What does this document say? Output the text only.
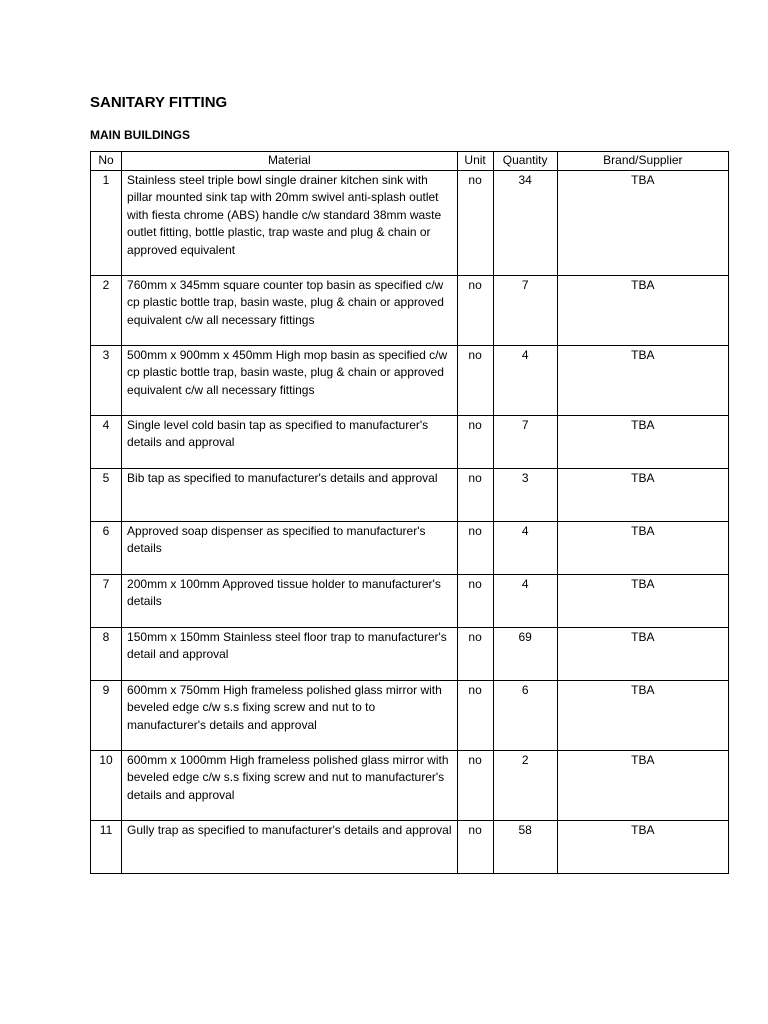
SANITARY FITTING
MAIN BUILDINGS
No	Material	Unit	Quantity	Brand/Supplier
1	Stainless steel triple bowl single drainer kitchen sink with pillar mounted sink tap with 20mm swivel anti-splash outlet with fiesta chrome (ABS) handle c/w standard 38mm waste outlet fitting, bottle plastic, trap waste and plug & chain or approved equivalent	no	34	TBA
2	760mm x 345mm square counter top basin as specified c/w cp plastic bottle trap, basin waste, plug & chain or approved equivalent c/w all necessary fittings	no	7	TBA
3	500mm x 900mm x 450mm High mop basin as specified c/w cp plastic bottle trap, basin waste, plug & chain or approved equivalent c/w all necessary fittings	no	4	TBA
4	Single level cold basin tap as specified to manufacturer's details and approval	no	7	TBA
5	Bib tap as specified to manufacturer's details and approval	no	3	TBA
6	Approved soap dispenser as specified to manufacturer's details	no	4	TBA
7	200mm x 100mm Approved tissue holder to manufacturer's details	no	4	TBA
8	150mm x 150mm Stainless steel floor trap to manufacturer's detail and approval	no	69	TBA
9	600mm x 750mm High frameless polished glass mirror with beveled edge c/w s.s fixing screw and nut to to manufacturer's details and approval	no	6	TBA
10	600mm x 1000mm High frameless polished glass mirror with beveled edge c/w s.s fixing screw and nut to manufacturer's details and approval	no	2	TBA
11	Gully trap as specified to manufacturer's details and approval	no	58	TBA
